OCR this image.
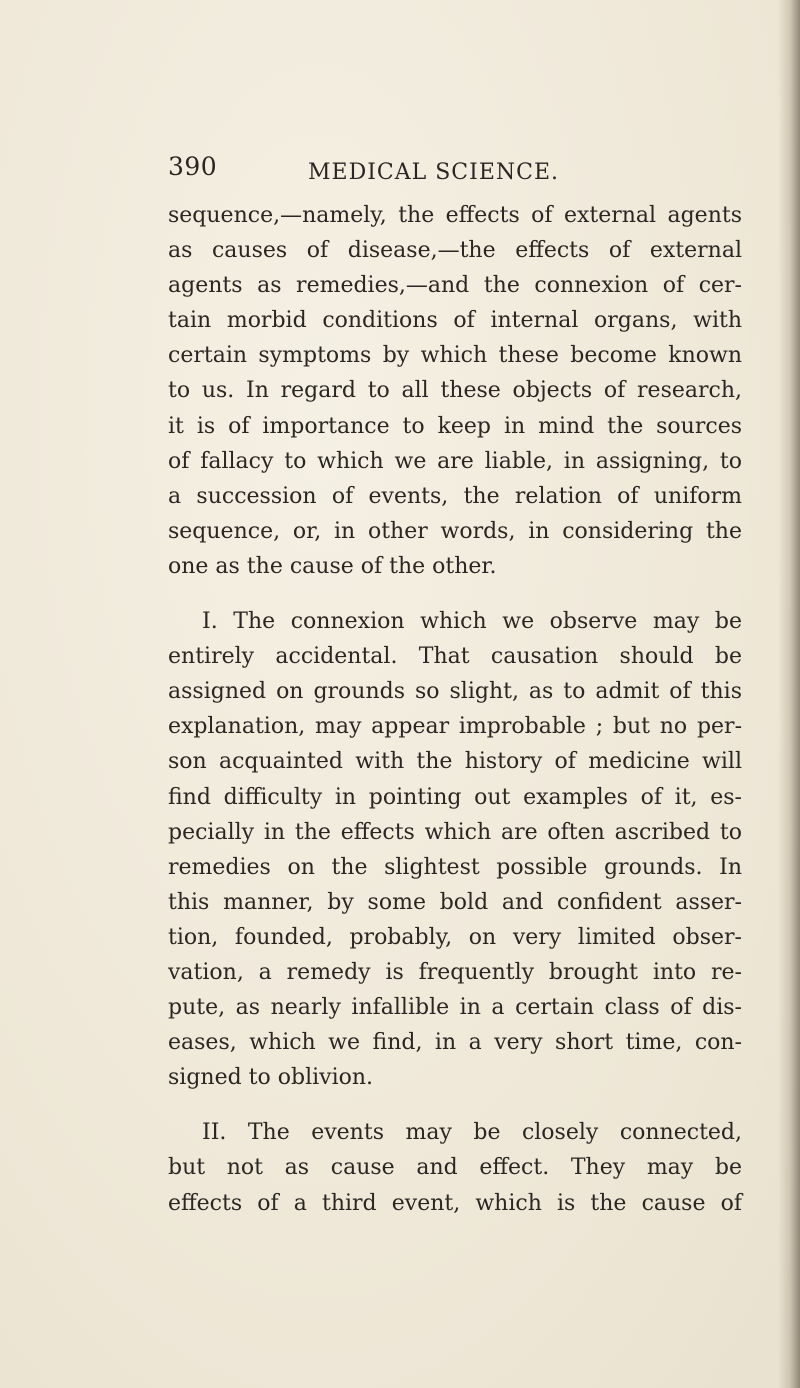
390	MEDICAL SCIENCE.

sequence,—namely, the effects of external agents
as causes of disease,—the effects of external
agents as remedies,—and the connexion of cer-
tain morbid conditions of internal organs, with
certain symptoms by which these become known
to us. In regard to all these objects of research,
it is of importance to keep in mind the sources
of fallacy to which we are liable, in assigning, to
a succession of events, the relation of uniform
sequence, or, in other words, in considering the
one as the cause of the other.

I. The connexion which we observe may be
entirely accidental. That causation should be
assigned on grounds so slight, as to admit of this
explanation, may appear improbable ; but no per-
son acquainted with the history of medicine will
find difficulty in pointing out examples of it, es-
pecially in the effects which are often ascribed to
remedies on the slightest possible grounds. In
this manner, by some bold and confident asser-
tion, founded, probably, on very limited obser-
vation, a remedy is frequently brought into re-
pute, as nearly infallible in a certain class of dis-
eases, which we find, in a very short time, con-
signed to oblivion.

II. The events may be closely connected,
but not as cause and effect. They may be
effects of a third event, which is the cause of
